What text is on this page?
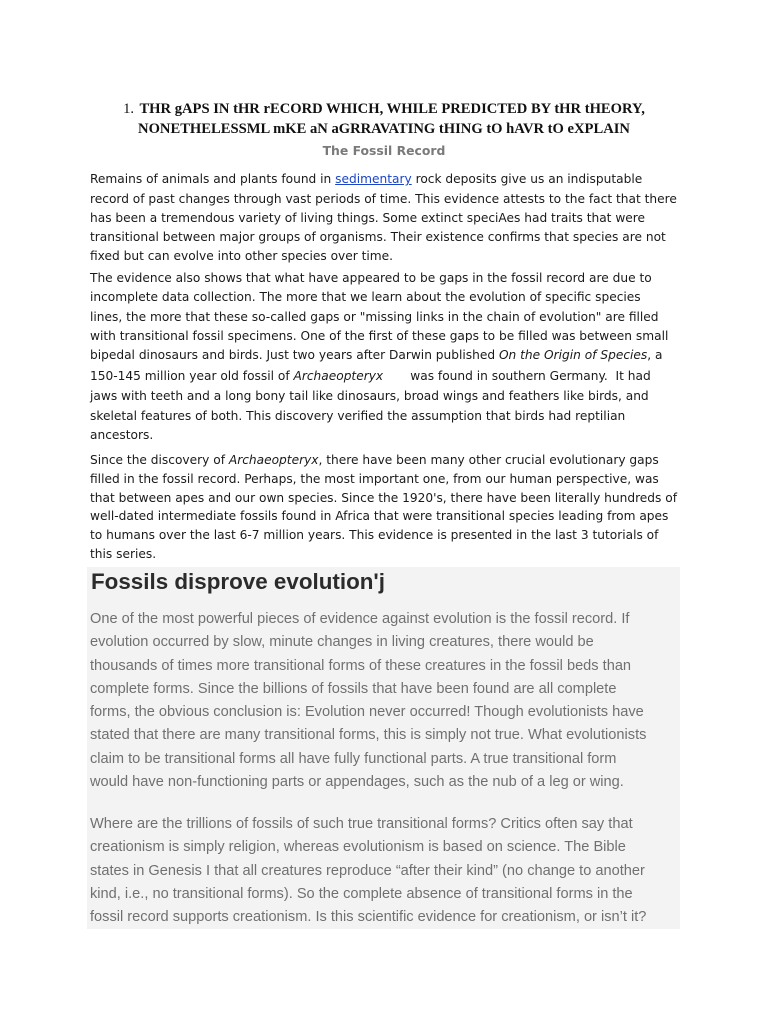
1. THR gAPS IN tHR rECORD WHICH, WHILE PREDICTED BY tHR tHEORY,
NONETHELESSML mKE aN aGRRAVATING tHING tO hAVR tO eXPLAIN
The Fossil Record
Remains of animals and plants found in sedimentary rock deposits give us an indisputable
record of past changes through vast periods of time. This evidence attests to the fact that there
has been a tremendous variety of living things. Some extinct speciAes had traits that were
transitional between major groups of organisms. Their existence confirms that species are not
fixed but can evolve into other species over time.
The evidence also shows that what have appeared to be gaps in the fossil record are due to
incomplete data collection. The more that we learn about the evolution of specific species
lines, the more that these so-called gaps or "missing links in the chain of evolution" are filled
with transitional fossil specimens. One of the first of these gaps to be filled was between small
bipedal dinosaurs and birds. Just two years after Darwin published On the Origin of Species, a
150-145 million year old fossil of Archaeopteryx       was found in southern Germany.  It had
jaws with teeth and a long bony tail like dinosaurs, broad wings and feathers like birds, and
skeletal features of both. This discovery verified the assumption that birds had reptilian
ancestors.
Since the discovery of Archaeopteryx, there have been many other crucial evolutionary gaps
filled in the fossil record. Perhaps, the most important one, from our human perspective, was
that between apes and our own species. Since the 1920's, there have been literally hundreds of
well-dated intermediate fossils found in Africa that were transitional species leading from apes
to humans over the last 6-7 million years. This evidence is presented in the last 3 tutorials of
this series.
Fossils disprove evolution'j
One of the most powerful pieces of evidence against evolution is the fossil record. If
evolution occurred by slow, minute changes in living creatures, there would be
thousands of times more transitional forms of these creatures in the fossil beds than
complete forms. Since the billions of fossils that have been found are all complete
forms, the obvious conclusion is: Evolution never occurred! Though evolutionists have
stated that there are many transitional forms, this is simply not true. What evolutionists
claim to be transitional forms all have fully functional parts. A true transitional form
would have non-functioning parts or appendages, such as the nub of a leg or wing.
Where are the trillions of fossils of such true transitional forms? Critics often say that
creationism is simply religion, whereas evolutionism is based on science. The Bible
states in Genesis I that all creatures reproduce “after their kind” (no change to another
kind, i.e., no transitional forms). So the complete absence of transitional forms in the
fossil record supports creationism. Is this scientific evidence for creationism, or isn’t it?
